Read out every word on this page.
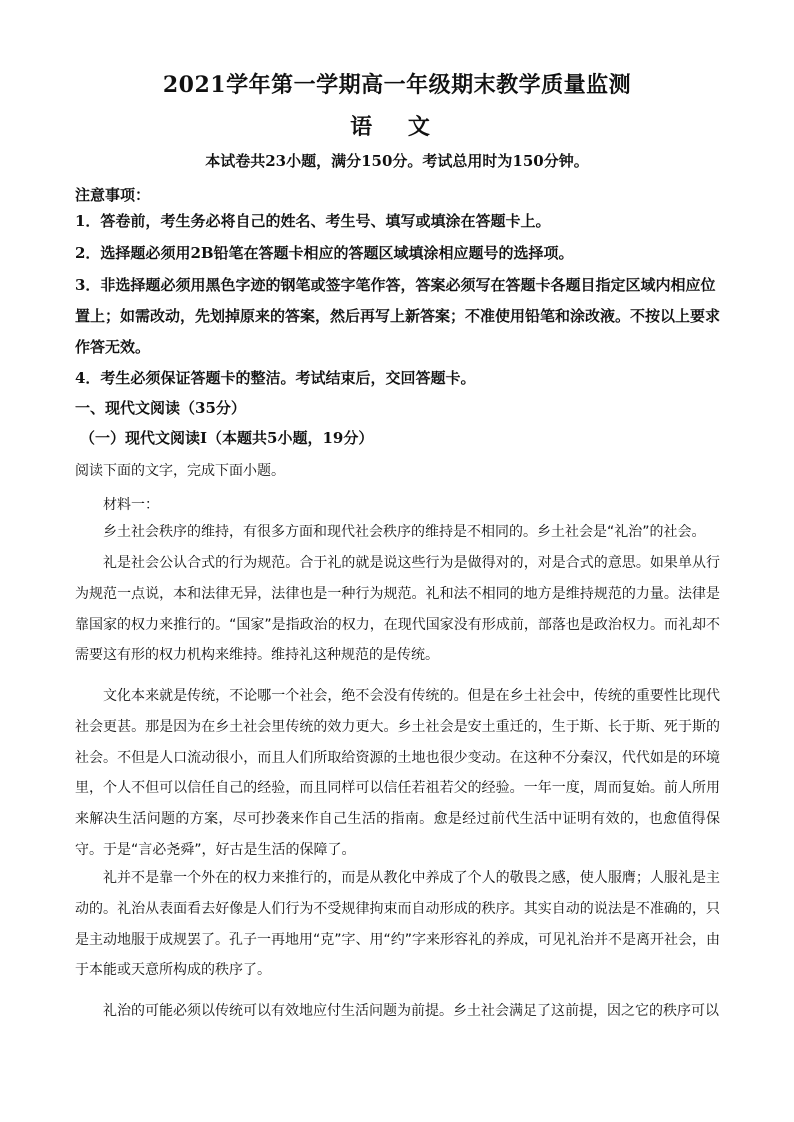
2021学年第一学期高一年级期末教学质量监测
语 文
本试卷共23小题，满分150分。考试总用时为150分钟。
注意事项：
1．答卷前，考生务必将自己的姓名、考生号、填写或填涂在答题卡上。
2．选择题必须用2B铅笔在答题卡相应的答题区域填涂相应题号的选择项。
3．非选择题必须用黑色字迹的钢笔或签字笔作答，答案必须写在答题卡各题目指定区域内相应位置上；如需改动，先划掉原来的答案，然后再写上新答案；不准使用铅笔和涂改液。不按以上要求作答无效。
4．考生必须保证答题卡的整洁。考试结束后，交回答题卡。
一、现代文阅读（35分）
（一）现代文阅读Ⅰ（本题共5小题，19分）
阅读下面的文字，完成下面小题。
材料一：
乡土社会秩序的维持，有很多方面和现代社会秩序的维持是不相同的。乡土社会是“礼治”的社会。
礼是社会公认合式的行为规范。合于礼的就是说这些行为是做得对的，对是合式的意思。如果单从行为规范一点说，本和法律无异，法律也是一种行为规范。礼和法不相同的地方是维持规范的力量。法律是靠国家的权力来推行的。“国家”是指政治的权力，在现代国家没有形成前，部落也是政治权力。而礼却不需要这有形的权力机构来维持。维持礼这种规范的是传统。
文化本来就是传统，不论哪一个社会，绝不会没有传统的。但是在乡土社会中，传统的重要性比现代社会更甚。那是因为在乡土社会里传统的效力更大。乡土社会是安土重迁的，生于斯、长于斯、死于斯的社会。不但是人口流动很小，而且人们所取给资源的土地也很少变动。在这种不分秦汉，代代如是的环境里，个人不但可以信任自己的经验，而且同样可以信任若祖若父的经验。一年一度，周而复始。前人所用来解决生活问题的方案，尽可抄袭来作自己生活的指南。愈是经过前代生活中证明有效的，也愈值得保守。于是“言必尧舜”，好古是生活的保障了。
礼并不是靠一个外在的权力来推行的，而是从教化中养成了个人的敬畏之感，使人服膺；人服礼是主动的。礼治从表面看去好像是人们行为不受规律拘束而自动形成的秩序。其实自动的说法是不准确的，只是主动地服于成规罢了。孔子一再地用“克”字、用“约”字来形容礼的养成，可见礼治并不是离开社会，由于本能或天意所构成的秩序了。
礼治的可能必须以传统可以有效地应付生活问题为前提。乡土社会满足了这前提，因之它的秩序可以
